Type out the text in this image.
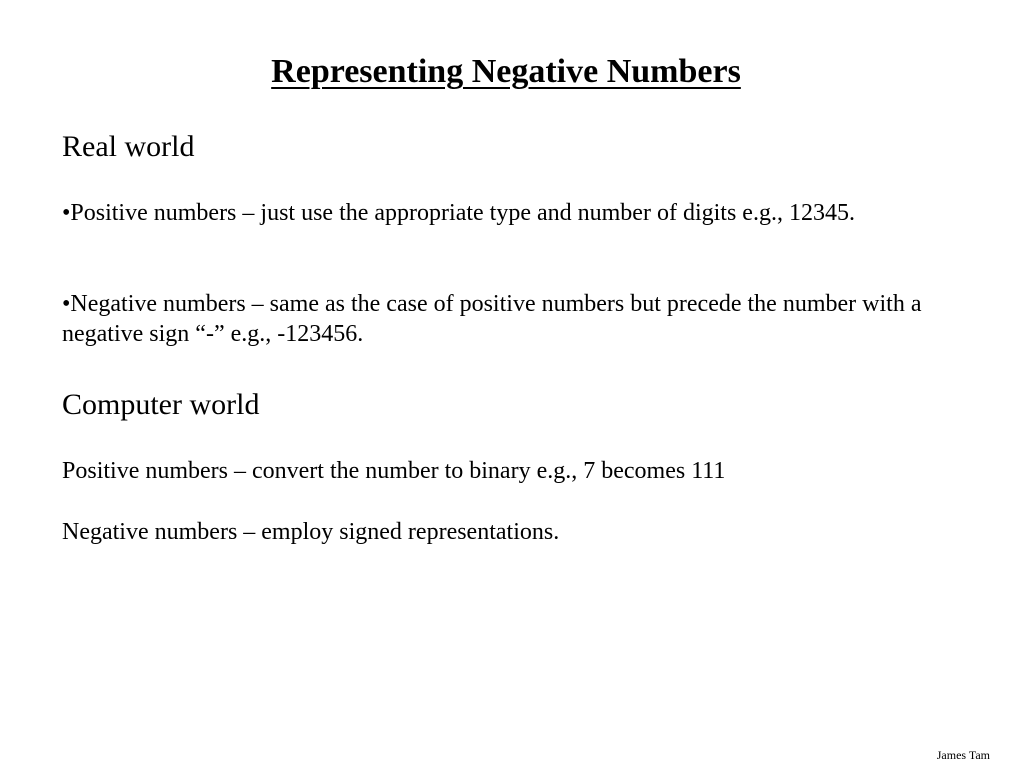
Representing Negative Numbers
Real world

•Positive numbers – just use the appropriate type and number of digits e.g., 12345.

•Negative numbers – same as the case of positive numbers but precede the number with a negative sign “-” e.g., -123456.

Computer world

Positive numbers – convert the number to binary e.g., 7 becomes 111

Negative numbers – employ signed representations.

James Tam
